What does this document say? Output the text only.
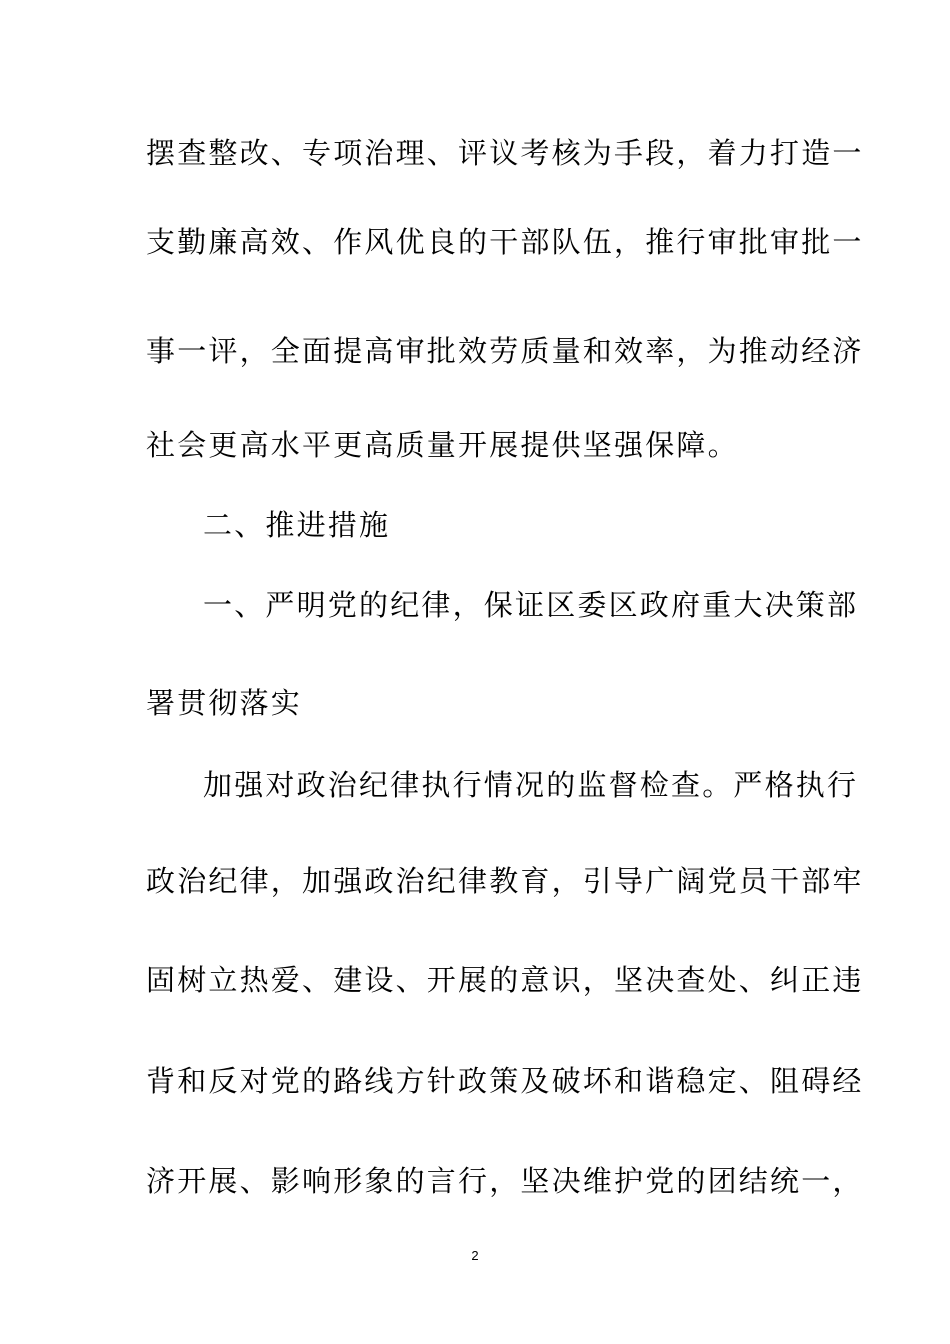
摆查整改、专项治理、评议考核为手段，着力打造一
支勤廉高效、作风优良的干部队伍，推行审批审批一
事一评，全面提高审批效劳质量和效率，为推动经济
社会更高水平更高质量开展提供坚强保障。
二、推进措施
一、严明党的纪律，保证区委区政府重大决策部
署贯彻落实
加强对政治纪律执行情况的监督检查。严格执行
政治纪律，加强政治纪律教育，引导广阔党员干部牢
固树立热爱、建设、开展的意识，坚决查处、纠正违
背和反对党的路线方针政策及破坏和谐稳定、阻碍经
济开展、影响形象的言行，坚决维护党的团结统一，
2
